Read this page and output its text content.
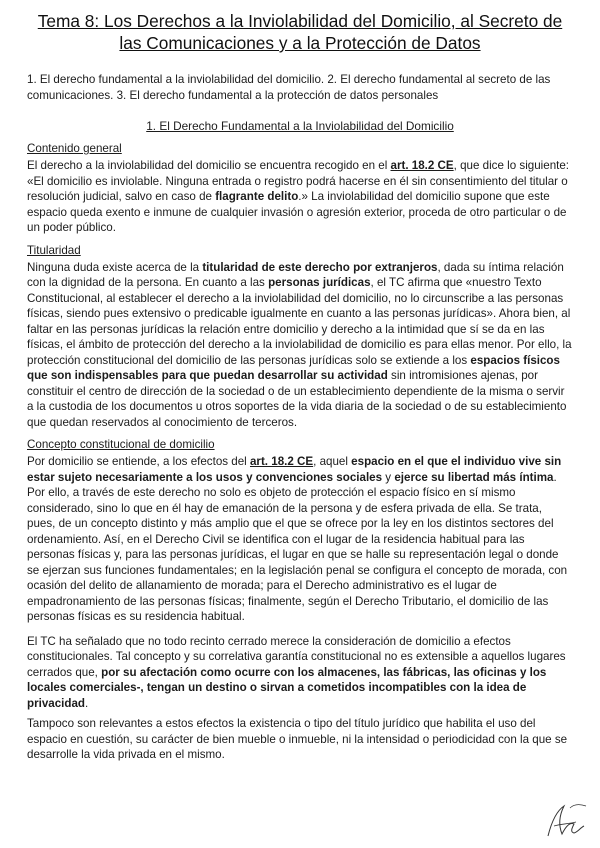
Tema 8: Los Derechos a la Inviolabilidad del Domicilio, al Secreto de las Comunicaciones y a la Protección de Datos

1. El derecho fundamental a la inviolabilidad del domicilio. 2. El derecho fundamental al secreto de las comunicaciones. 3. El derecho fundamental a la protección de datos personales

1. El Derecho Fundamental a la Inviolabilidad del Domicilio

Contenido general

El derecho a la inviolabilidad del domicilio se encuentra recogido en el art. 18.2 CE, que dice lo siguiente: «El domicilio es inviolable. Ninguna entrada o registro podrá hacerse en él sin consentimiento del titular o resolución judicial, salvo en caso de flagrante delito.» La inviolabilidad del domicilio supone que este espacio queda exento e inmune de cualquier invasión o agresión exterior, proceda de otro particular o de un poder público.

Titularidad

Ninguna duda existe acerca de la titularidad de este derecho por extranjeros, dada su íntima relación con la dignidad de la persona. En cuanto a las personas jurídicas, el TC afirma que «nuestro Texto Constitucional, al establecer el derecho a la inviolabilidad del domicilio, no lo circunscribe a las personas físicas, siendo pues extensivo o predicable igualmente en cuanto a las personas jurídicas». Ahora bien, al faltar en las personas jurídicas la relación entre domicilio y derecho a la intimidad que sí se da en las físicas, el ámbito de protección del derecho a la inviolabilidad de domicilio es para ellas menor. Por ello, la protección constitucional del domicilio de las personas jurídicas solo se extiende a los espacios físicos que son indispensables para que puedan desarrollar su actividad sin intromisiones ajenas, por constituir el centro de dirección de la sociedad o de un establecimiento dependiente de la misma o servir a la custodia de los documentos u otros soportes de la vida diaria de la sociedad o de su establecimiento que quedan reservados al conocimiento de terceros.

Concepto constitucional de domicilio

Por domicilio se entiende, a los efectos del art. 18.2 CE, aquel espacio en el que el individuo vive sin estar sujeto necesariamente a los usos y convenciones sociales y ejerce su libertad más íntima. Por ello, a través de este derecho no solo es objeto de protección el espacio físico en sí mismo considerado, sino lo que en él hay de emanación de la persona y de esfera privada de ella. Se trata, pues, de un concepto distinto y más amplio que el que se ofrece por la ley en los distintos sectores del ordenamiento. Así, en el Derecho Civil se identifica con el lugar de la residencia habitual para las personas físicas y, para las personas jurídicas, el lugar en que se halle su representación legal o donde se ejerzan sus funciones fundamentales; en la legislación penal se configura el concepto de morada, con ocasión del delito de allanamiento de morada; para el Derecho administrativo es el lugar de empadronamiento de las personas físicas; finalmente, según el Derecho Tributario, el domicilio de las personas físicas es su residencia habitual.

El TC ha señalado que no todo recinto cerrado merece la consideración de domicilio a efectos constitucionales. Tal concepto y su correlativa garantía constitucional no es extensible a aquellos lugares cerrados que, por su afectación como ocurre con los almacenes, las fábricas, las oficinas y los locales comerciales-, tengan un destino o sirvan a cometidos incompatibles con la idea de privacidad.

Tampoco son relevantes a estos efectos la existencia o tipo del título jurídico que habilita el uso del espacio en cuestión, su carácter de bien mueble o inmueble, ni la intensidad o periodicidad con la que se desarrolle la vida privada en el mismo.
